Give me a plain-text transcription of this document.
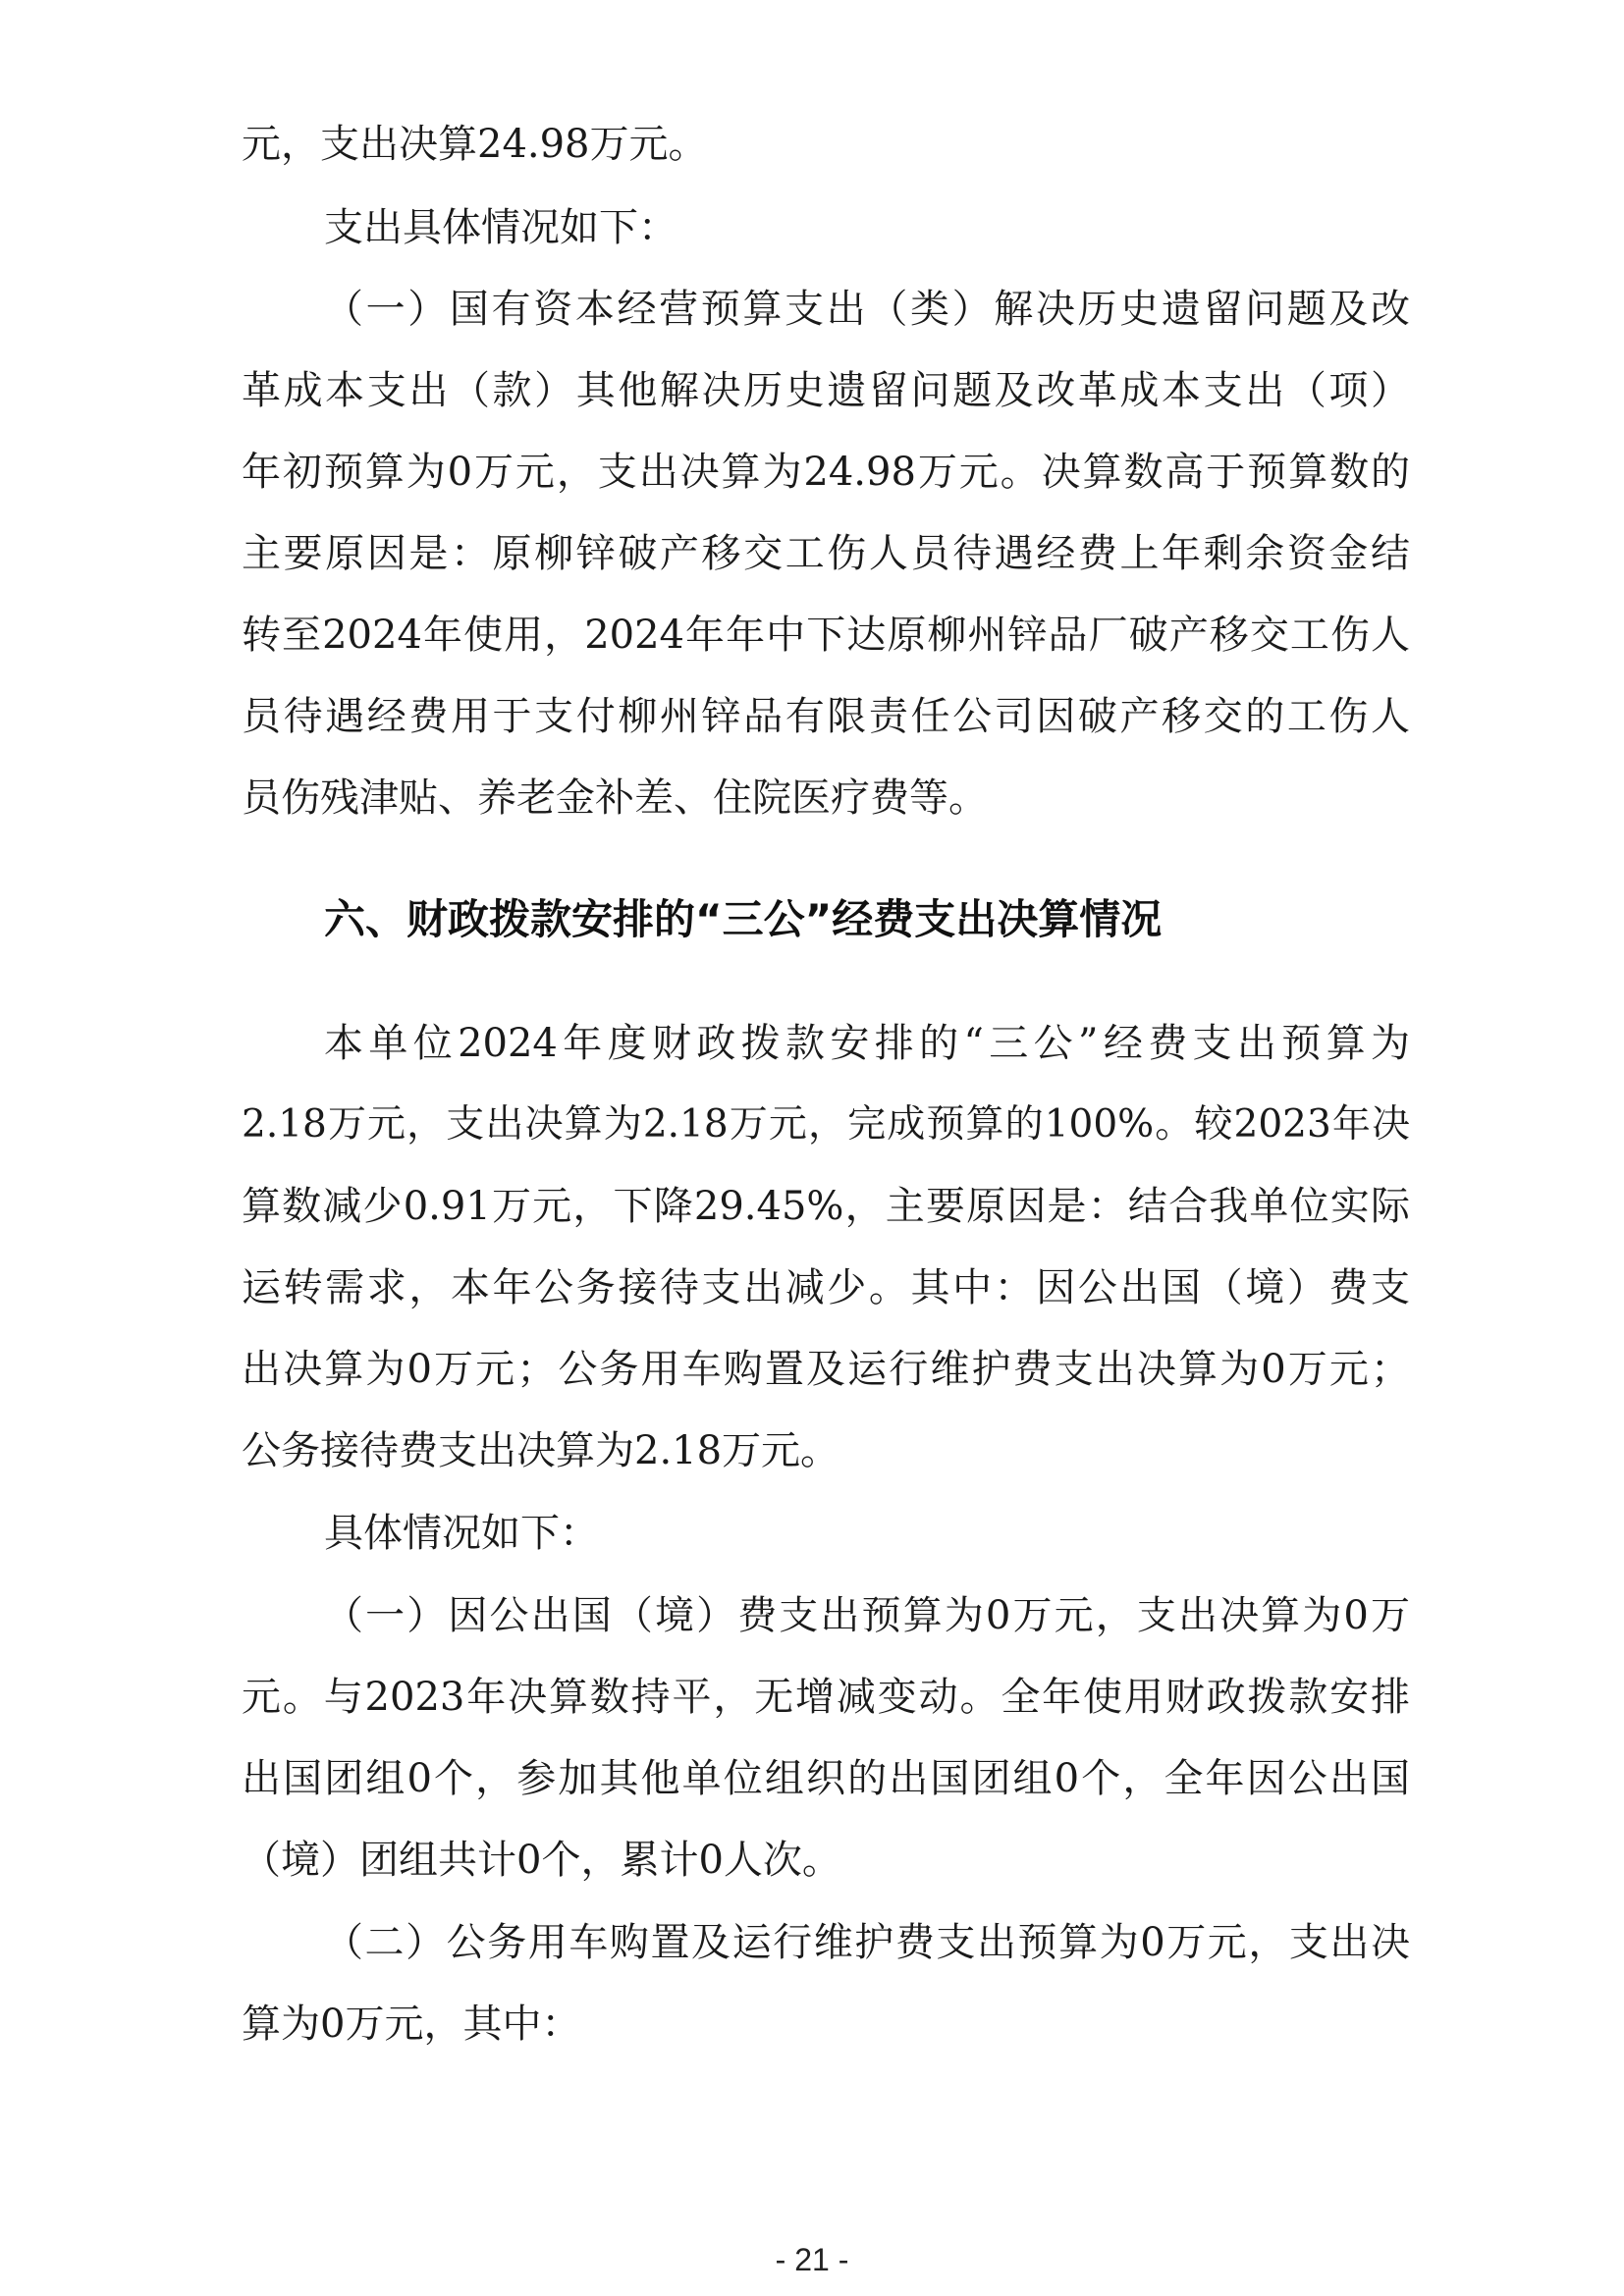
元，支出决算24.98万元。
支出具体情况如下：
（一）国有资本经营预算支出（类）解决历史遗留问题及改
革成本支出（款）其他解决历史遗留问题及改革成本支出（项）
年初预算为0万元，支出决算为24.98万元。决算数高于预算数的
主要原因是：原柳锌破产移交工伤人员待遇经费上年剩余资金结
转至2024年使用，2024年年中下达原柳州锌品厂破产移交工伤人
员待遇经费用于支付柳州锌品有限责任公司因破产移交的工伤人
员伤残津贴、养老金补差、住院医疗费等。
六、财政拨款安排的“三公”经费支出决算情况
本单位2024年度财政拨款安排的“三公”经费支出预算为
2.18万元，支出决算为2.18万元，完成预算的100%。较2023年决
算数减少0.91万元，下降29.45%，主要原因是：结合我单位实际
运转需求，本年公务接待支出减少。其中：因公出国（境）费支
出决算为0万元；公务用车购置及运行维护费支出决算为0万元；
公务接待费支出决算为2.18万元。
具体情况如下：
（一）因公出国（境）费支出预算为0万元，支出决算为0万
元。与2023年决算数持平，无增减变动。全年使用财政拨款安排
出国团组0个，参加其他单位组织的出国团组0个，全年因公出国
（境）团组共计0个，累计0人次。
（二）公务用车购置及运行维护费支出预算为0万元，支出决
算为0万元，其中：
- 21 -
